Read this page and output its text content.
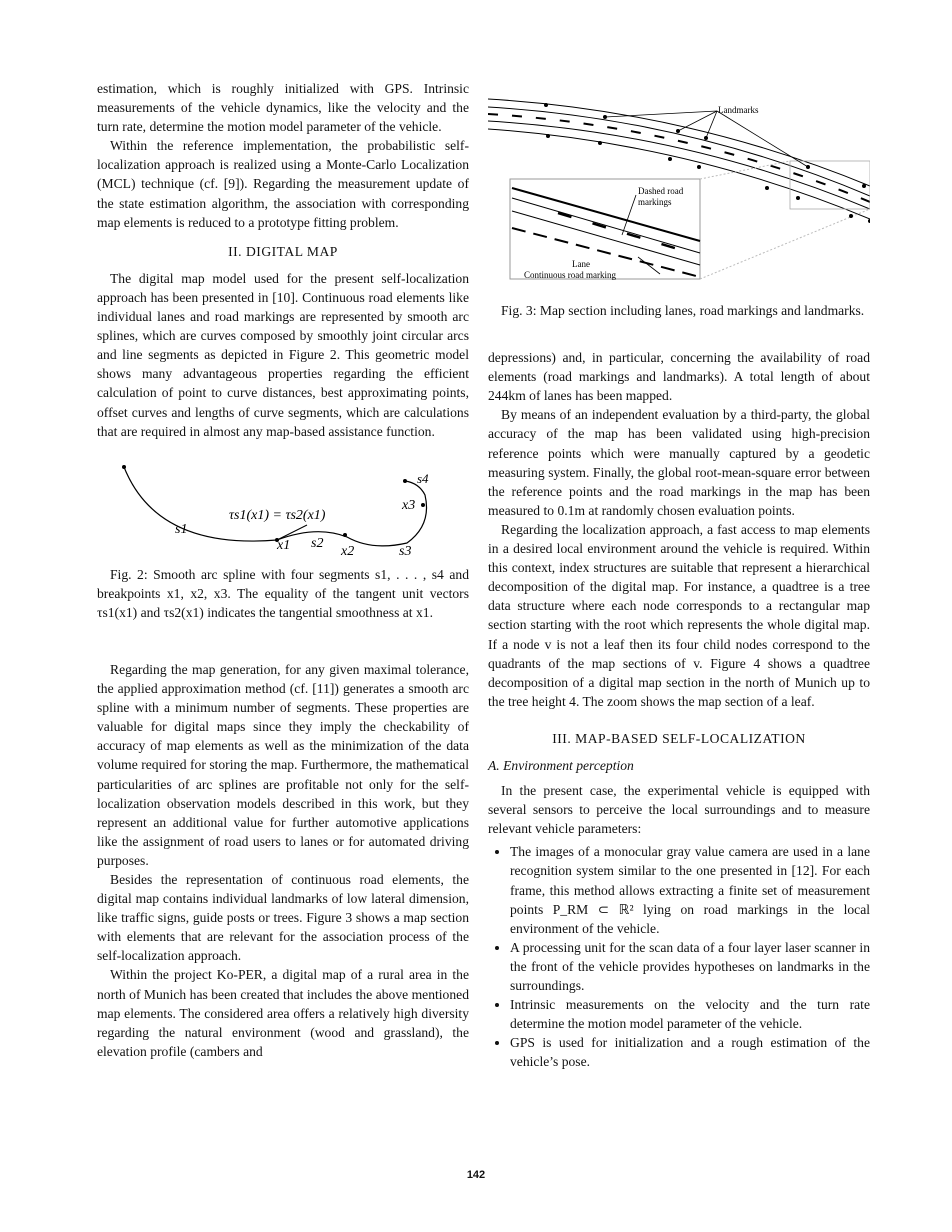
estimation, which is roughly initialized with GPS. Intrinsic measurements of the vehicle dynamics, like the velocity and the turn rate, determine the motion model parameter of the vehicle.

Within the reference implementation, the probabilistic self-localization approach is realized using a Monte-Carlo Localization (MCL) technique (cf. [9]). Regarding the measurement update of the state estimation algorithm, the association with corresponding map elements is reduced to a prototype fitting problem.

II. DIGITAL MAP

The digital map model used for the present self-localization approach has been presented in [10]. Continuous road elements like individual lanes and road markings are represented by smooth arc splines, which are curves composed by smoothly joint circular arcs and line segments as depicted in Figure 2. This geometric model shows many advantageous properties regarding the efficient calculation of point to curve distances, best approximating points, offset curves and lengths of curve segments, which are calculations that are required in almost any map-based assistance function.

s1
s2
s3
s4
x1	x2
x3
τs1(x1) = τs2(x1)

Fig. 2: Smooth arc spline with four segments s1, . . . , s4 and breakpoints x1, x2, x3. The equality of the tangent unit vectors τs1(x1) and τs2(x1) indicates the tangential smoothness at x1.

Regarding the map generation, for any given maximal tolerance, the applied approximation method (cf. [11]) generates a smooth arc spline with a minimum number of segments. These properties are valuable for digital maps since they imply the checkability of accuracy of map elements as well as the minimization of the data volume required for storing the map. Furthermore, the mathematical particularities of arc splines are profitable not only for the self-localization observation models described in this work, but they represent an additional value for further automotive applications like the assignment of road users to lanes or for automated driving purposes.

Besides the representation of continuous road elements, the digital map contains individual landmarks of low lateral dimension, like traffic signs, guide posts or trees. Figure 3 shows a map section with elements that are relevant for the association process of the self-localization approach.

Within the project Ko-PER, a digital map of a rural area in the north of Munich has been created that includes the above mentioned map elements. The considered area offers a relatively high diversity regarding the natural environment (wood and grassland), the elevation profile (cambers and

Landmarks
Dashed road
markings
Lane
Continuous road marking

Fig. 3: Map section including lanes, road markings and landmarks.

depressions) and, in particular, concerning the availability of road elements (road markings and landmarks). A total length of about 244km of lanes has been mapped.

By means of an independent evaluation by a third-party, the global accuracy of the map has been validated using high-precision reference points which were manually captured by a geodetic measuring system. Finally, the global root-mean-square error between the reference points and the road markings in the map has been measured to 0.1m at randomly chosen evaluation points.

Regarding the localization approach, a fast access to map elements in a desired local environment around the vehicle is required. Within this context, index structures are suitable that represent a hierarchical decomposition of the digital map. For instance, a quadtree is a tree data structure where each node corresponds to a rectangular map section starting with the root which represents the whole digital map. If a node v is not a leaf then its four child nodes correspond to the quadrants of the map sections of v. Figure 4 shows a quadtree decomposition of a digital map section in the north of Munich up to the tree height 4. The zoom shows the map section of a leaf.

III. MAP-BASED SELF-LOCALIZATION
A. Environment perception

In the present case, the experimental vehicle is equipped with several sensors to perceive the local surroundings and to measure relevant vehicle parameters:

• The images of a monocular gray value camera are used in a lane recognition system similar to the one presented in [12]. For each frame, this method allows extracting a finite set of measurement points P_RM ⊂ ℝ² lying on road markings in the local environment of the vehicle.
• A processing unit for the scan data of a four layer laser scanner in the front of the vehicle provides hypotheses on landmarks in the surroundings.
• Intrinsic measurements on the velocity and the turn rate determine the motion model parameter of the vehicle.
• GPS is used for initialization and a rough estimation of the vehicle’s pose.
142
